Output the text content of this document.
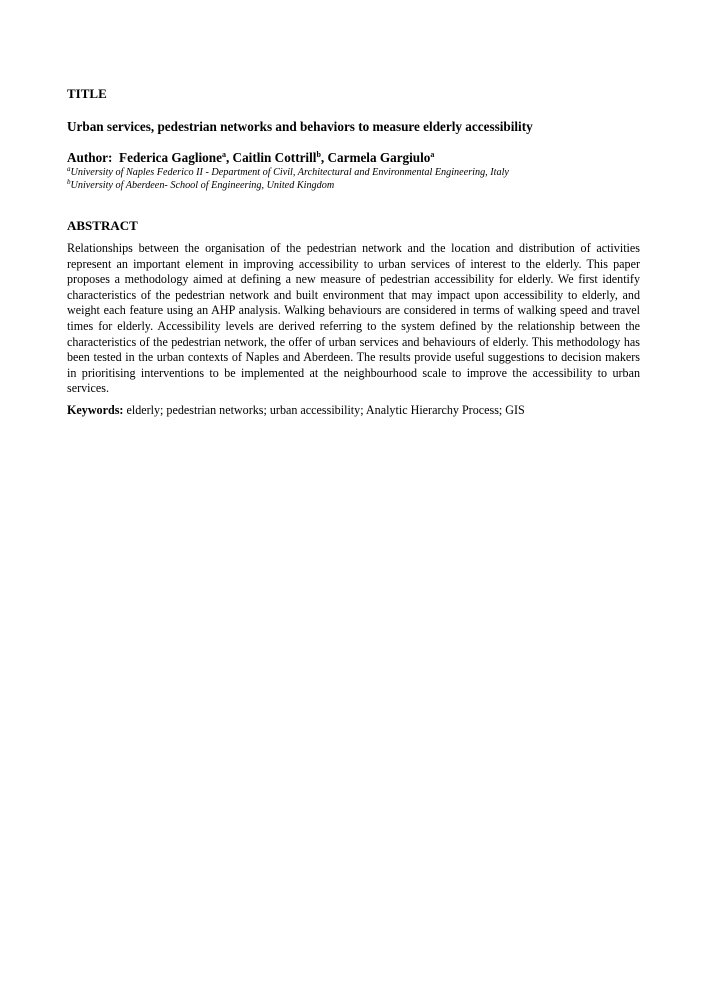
TITLE
Urban services, pedestrian networks and behaviors to measure elderly accessibility
Author: Federica Gaglione$^a$, Caitlin Cottrill$^b$, Carmela Gargiulo$^a$
$^a$University of Naples Federico II - Department of Civil, Architectural and Environmental Engineering, Italy
$^b$University of Aberdeen- School of Engineering, United Kingdom
ABSTRACT

Relationships between the organisation of the pedestrian network and the location and distribution of activities represent an important element in improving accessibility to urban services of interest to the elderly. This paper proposes a methodology aimed at defining a new measure of pedestrian accessibility for elderly. We first identify characteristics of the pedestrian network and built environment that may impact upon accessibility to elderly, and weight each feature using an AHP analysis. Walking behaviours are considered in terms of walking speed and travel times for elderly. Accessibility levels are derived referring to the system defined by the relationship between the characteristics of the pedestrian network, the offer of urban services and behaviours of elderly. This methodology has been tested in the urban contexts of Naples and Aberdeen. The results provide useful suggestions to decision makers in prioritising interventions to be implemented at the neighbourhood scale to improve the accessibility to urban services.

Keywords: elderly; pedestrian networks; urban accessibility; Analytic Hierarchy Process; GIS
